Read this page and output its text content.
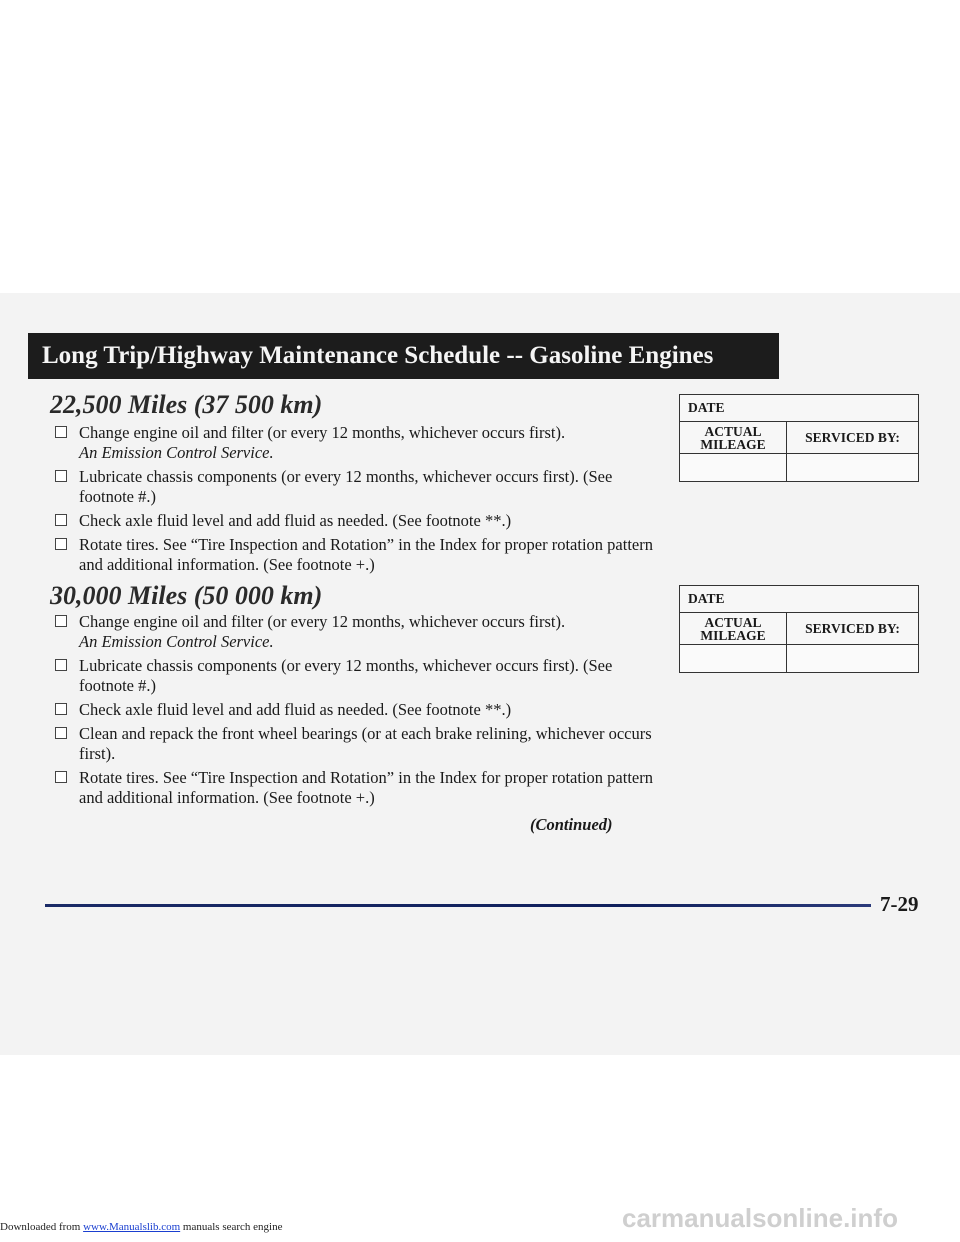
Long Trip/Highway Maintenance Schedule -- Gasoline Engines
22,500 Miles (37 500 km)
Change engine oil and filter (or every 12 months, whichever occurs first).
An Emission Control Service.
Lubricate chassis components (or every 12 months, whichever occurs first). (See footnote #.)
Check axle fluid level and add fluid as needed. (See footnote **.)
Rotate tires. See “Tire Inspection and Rotation” in the Index for proper rotation pattern and additional information. (See footnote +.)
DATE	
ACTUAL MILEAGE	SERVICED BY:

30,000 Miles (50 000 km)
Change engine oil and filter (or every 12 months, whichever occurs first).
An Emission Control Service.
Lubricate chassis components (or every 12 months, whichever occurs first). (See footnote #.)
Check axle fluid level and add fluid as needed. (See footnote **.)
Clean and repack the front wheel bearings (or at each brake relining, whichever occurs first).
Rotate tires. See “Tire Inspection and Rotation” in the Index for proper rotation pattern and additional information. (See footnote +.)
DATE	
ACTUAL MILEAGE	SERVICED BY:

(Continued)

7-29

carmanualsonline.info
Downloaded from www.Manualslib.com manuals search engine
